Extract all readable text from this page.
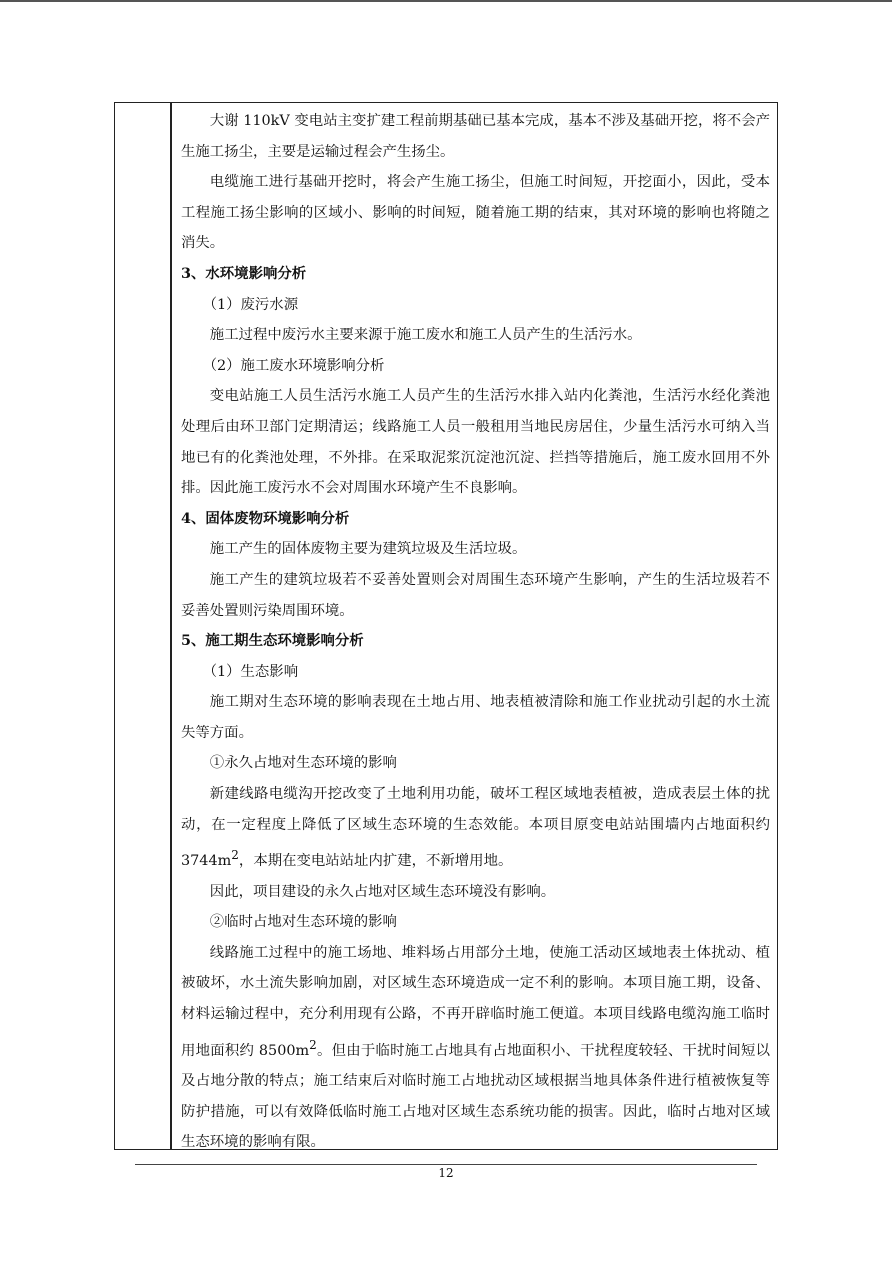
大谢 110kV 变电站主变扩建工程前期基础已基本完成，基本不涉及基础开挖，将不会产生施工扬尘，主要是运输过程会产生扬尘。

电缆施工进行基础开挖时，将会产生施工扬尘，但施工时间短，开挖面小，因此，受本工程施工扬尘影响的区域小、影响的时间短，随着施工期的结束，其对环境的影响也将随之消失。

3、水环境影响分析

（1）废污水源

施工过程中废污水主要来源于施工废水和施工人员产生的生活污水。

（2）施工废水环境影响分析

变电站施工人员生活污水施工人员产生的生活污水排入站内化粪池，生活污水经化粪池处理后由环卫部门定期清运；线路施工人员一般租用当地民房居住，少量生活污水可纳入当地已有的化粪池处理，不外排。在采取泥浆沉淀池沉淀、拦挡等措施后，施工废水回用不外排。因此施工废污水不会对周围水环境产生不良影响。

4、固体废物环境影响分析

施工产生的固体废物主要为建筑垃圾及生活垃圾。

施工产生的建筑垃圾若不妥善处置则会对周围生态环境产生影响，产生的生活垃圾若不妥善处置则污染周围环境。

5、施工期生态环境影响分析

（1）生态影响

施工期对生态环境的影响表现在土地占用、地表植被清除和施工作业扰动引起的水土流失等方面。

①永久占地对生态环境的影响

新建线路电缆沟开挖改变了土地利用功能，破坏工程区域地表植被，造成表层土体的扰动，在一定程度上降低了区域生态环境的生态效能。本项目原变电站站围墙内占地面积约 $3744m^2$，本期在变电站站址内扩建，不新增用地。

因此，项目建设的永久占地对区域生态环境没有影响。

②临时占地对生态环境的影响

线路施工过程中的施工场地、堆料场占用部分土地，使施工活动区域地表土体扰动、植被破坏，水土流失影响加剧，对区域生态环境造成一定不利的影响。本项目施工期，设备、材料运输过程中，充分利用现有公路，不再开辟临时施工便道。本项目线路电缆沟施工临时用地面积约 $8500m^2$。但由于临时施工占地具有占地面积小、干扰程度较轻、干扰时间短以及占地分散的特点；施工结束后对临时施工占地扰动区域根据当地具体条件进行植被恢复等防护措施，可以有效降低临时施工占地对区域生态系统功能的损害。因此，临时占地对区域生态环境的影响有限。

12
